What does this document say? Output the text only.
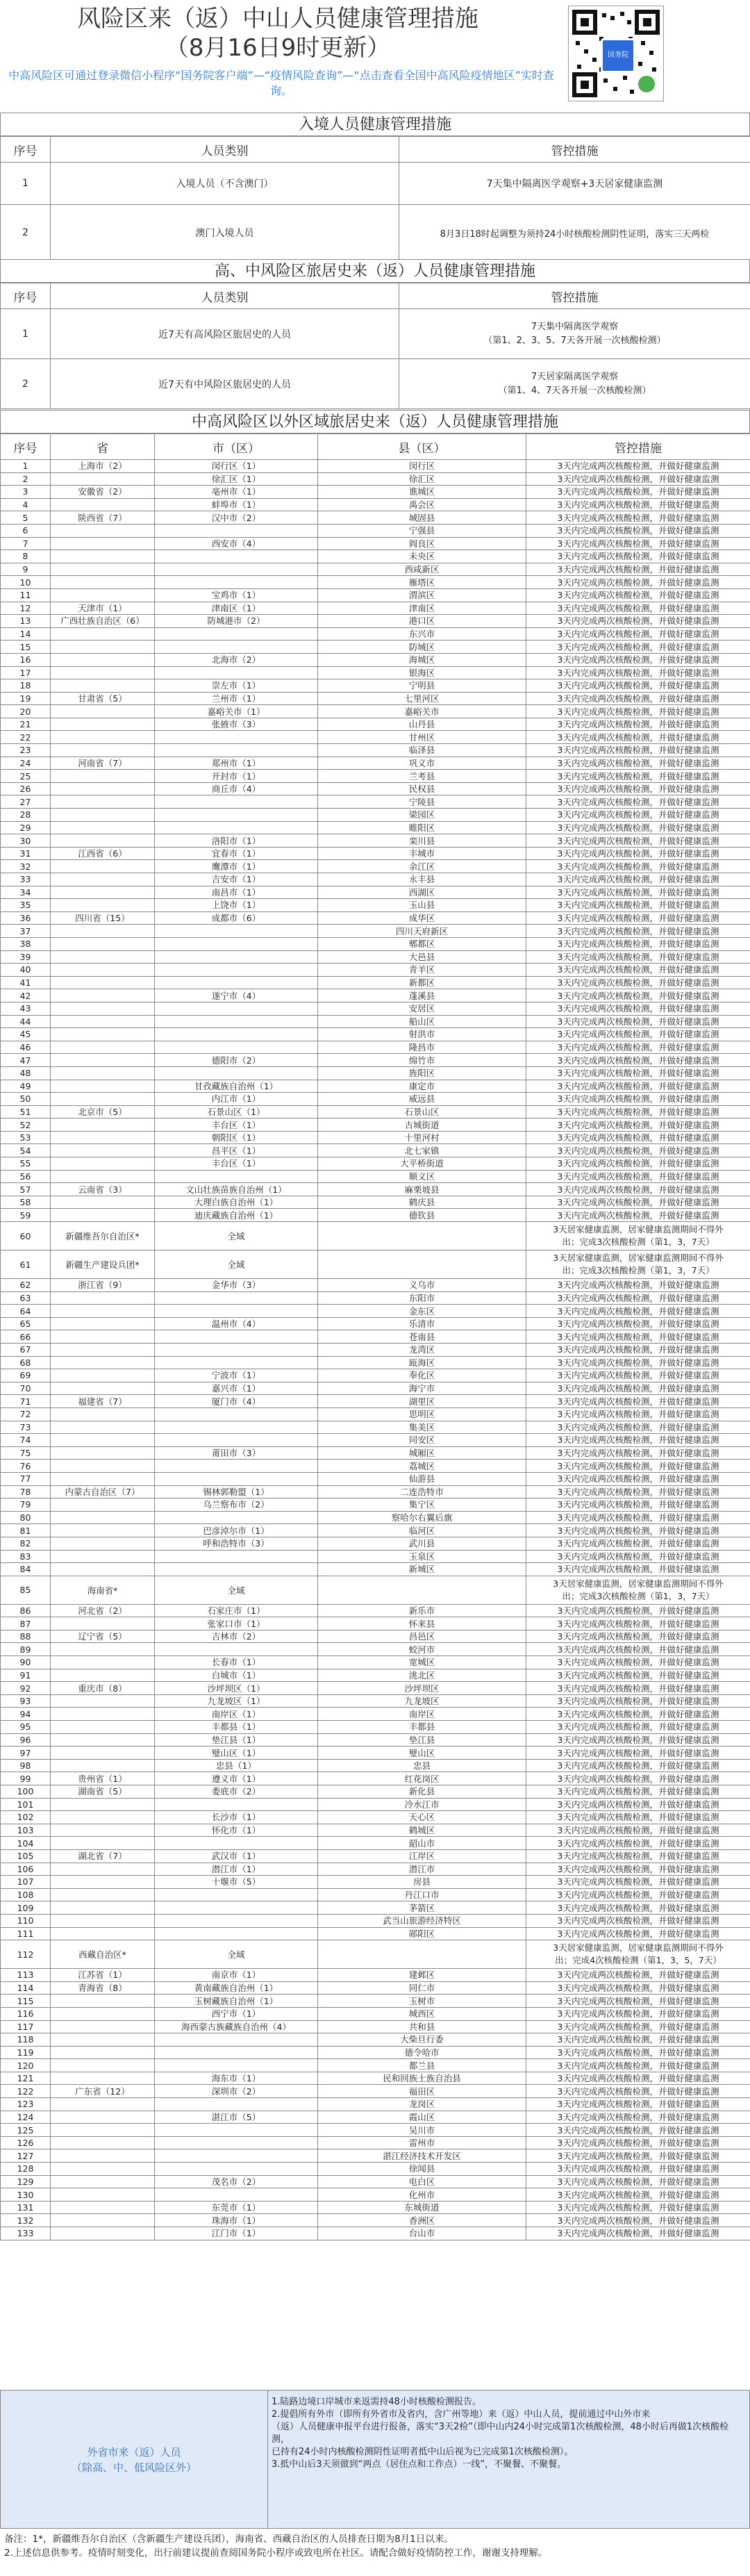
风险区来（返）中山人员健康管理措施
（8月16日9时更新）
中高风险区可通过登录微信小程序“国务院客户端”—“疫情风险查询”—“点击查看全国中高风险疫情地区”实时查询。
国务院
入境人员健康管理措施
序号	人员类别	管控措施
1	入境人员（不含澳门）	7天集中隔离医学观察+3天居家健康监测
2	澳门入境人员	8月3日18时起调整为须持24小时核酸检测阴性证明，落实三天两检
高、中风险区旅居史来（返）人员健康管理措施
序号	人员类别	管控措施
1	近7天有高风险区旅居史的人员	7天集中隔离医学观察
（第1、2、3、5、7天各开展一次核酸检测）

2	近7天有中风险区旅居史的人员	7天居家隔离医学观察
（第1、4、7天各开展一次核酸检测）
中高风险区以外区域旅居史来（返）人员健康管理措施
序号	省	市（区）	县（区）	管控措施
1	上海市（2）	闵行区（1）	闵行区	3天内完成两次核酸检测，并做好健康监测
2		徐汇区（1）	徐汇区	3天内完成两次核酸检测，并做好健康监测
3	安徽省（2）	亳州市（1）	谯城区	3天内完成两次核酸检测，并做好健康监测
4		蚌埠市（1）	禹会区	3天内完成两次核酸检测，并做好健康监测
5	陕西省（7）	汉中市（2）	城固县	3天内完成两次核酸检测，并做好健康监测
6			宁强县	3天内完成两次核酸检测，并做好健康监测
7		西安市（4）	阎良区	3天内完成两次核酸检测，并做好健康监测
8			未央区	3天内完成两次核酸检测，并做好健康监测
9			西咸新区	3天内完成两次核酸检测，并做好健康监测
10			雁塔区	3天内完成两次核酸检测，并做好健康监测
11		宝鸡市（1）	渭滨区	3天内完成两次核酸检测，并做好健康监测
12	天津市（1）	津南区（1）	津南区	3天内完成两次核酸检测，并做好健康监测
13	广西壮族自治区（6）	防城港市（2）	港口区	3天内完成两次核酸检测，并做好健康监测
14			东兴市	3天内完成两次核酸检测，并做好健康监测
15			防城区	3天内完成两次核酸检测，并做好健康监测
16		北海市（2）	海城区	3天内完成两次核酸检测，并做好健康监测
17			银海区	3天内完成两次核酸检测，并做好健康监测
18		崇左市（1）	宁明县	3天内完成两次核酸检测，并做好健康监测
19	甘肃省（5）	兰州市（1）	七里河区	3天内完成两次核酸检测，并做好健康监测
20		嘉峪关市（1）	嘉峪关市	3天内完成两次核酸检测，并做好健康监测
21		张掖市（3）	山丹县	3天内完成两次核酸检测，并做好健康监测
22			甘州区	3天内完成两次核酸检测，并做好健康监测
23			临泽县	3天内完成两次核酸检测，并做好健康监测
24	河南省（7）	郑州市（1）	巩义市	3天内完成两次核酸检测，并做好健康监测
25		开封市（1）	兰考县	3天内完成两次核酸检测，并做好健康监测
26		商丘市（4）	民权县	3天内完成两次核酸检测，并做好健康监测
27			宁陵县	3天内完成两次核酸检测，并做好健康监测
28			梁园区	3天内完成两次核酸检测，并做好健康监测
29			睢阳区	3天内完成两次核酸检测，并做好健康监测
30		洛阳市（1）	栾川县	3天内完成两次核酸检测，并做好健康监测
31	江西省（6）	宜春市（1）	丰城市	3天内完成两次核酸检测，并做好健康监测
32		鹰潭市（1）	余江区	3天内完成两次核酸检测，并做好健康监测
33		吉安市（1）	永丰县	3天内完成两次核酸检测，并做好健康监测
34		南昌市（1）	西湖区	3天内完成两次核酸检测，并做好健康监测
35		上饶市（1）	玉山县	3天内完成两次核酸检测，并做好健康监测
36	四川省（15）	成都市（6）	成华区	3天内完成两次核酸检测，并做好健康监测
37			四川天府新区	3天内完成两次核酸检测，并做好健康监测
38			郫都区	3天内完成两次核酸检测，并做好健康监测
39			大邑县	3天内完成两次核酸检测，并做好健康监测
40			青羊区	3天内完成两次核酸检测，并做好健康监测
41			新都区	3天内完成两次核酸检测，并做好健康监测
42		遂宁市（4）	蓬溪县	3天内完成两次核酸检测，并做好健康监测
43			安居区	3天内完成两次核酸检测，并做好健康监测
44			船山区	3天内完成两次核酸检测，并做好健康监测
45			射洪市	3天内完成两次核酸检测，并做好健康监测
46			隆昌市	3天内完成两次核酸检测，并做好健康监测
47		德阳市（2）	绵竹市	3天内完成两次核酸检测，并做好健康监测
48			旌阳区	3天内完成两次核酸检测，并做好健康监测
49		甘孜藏族自治州（1）	康定市	3天内完成两次核酸检测，并做好健康监测
50		内江市（1）	威远县	3天内完成两次核酸检测，并做好健康监测
51	北京市（5）	石景山区（1）	石景山区	3天内完成两次核酸检测，并做好健康监测
52		丰台区（1）	古城街道	3天内完成两次核酸检测，并做好健康监测
53		朝阳区（1）	十里河村	3天内完成两次核酸检测，并做好健康监测
54		昌平区（1）	北七家镇	3天内完成两次核酸检测，并做好健康监测
55		丰台区（1）	大平桥街道	3天内完成两次核酸检测，并做好健康监测
56			顺义区	3天内完成两次核酸检测，并做好健康监测
57	云南省（3）	文山壮族苗族自治州（1）	麻栗坡县	3天内完成两次核酸检测，并做好健康监测
58		大理白族自治州（1）	鹤庆县	3天内完成两次核酸检测，并做好健康监测
59		迪庆藏族自治州（1）	德钦县	3天内完成两次核酸检测，并做好健康监测
60	新疆维吾尔自治区*	全域		3天居家健康监测，居家健康监测期间不得外
出；完成3次核酸检测（第1，3，7天）

61	新疆生产建设兵团*	全域		3天居家健康监测，居家健康监测期间不得外
出；完成3次核酸检测（第1，3，7天）

62	浙江省（9）	金华市（3）	义乌市	3天内完成两次核酸检测，并做好健康监测
63			东阳市	3天内完成两次核酸检测，并做好健康监测
64			金东区	3天内完成两次核酸检测，并做好健康监测
65		温州市（4）	乐清市	3天内完成两次核酸检测，并做好健康监测
66			苍南县	3天内完成两次核酸检测，并做好健康监测
67			龙湾区	3天内完成两次核酸检测，并做好健康监测
68			瓯海区	3天内完成两次核酸检测，并做好健康监测
69		宁波市（1）	奉化区	3天内完成两次核酸检测，并做好健康监测
70		嘉兴市（1）	海宁市	3天内完成两次核酸检测，并做好健康监测
71	福建省（7）	厦门市（4）	湖里区	3天内完成两次核酸检测，并做好健康监测
72			思明区	3天内完成两次核酸检测，并做好健康监测
73			集美区	3天内完成两次核酸检测，并做好健康监测
74			同安区	3天内完成两次核酸检测，并做好健康监测
75		莆田市（3）	城厢区	3天内完成两次核酸检测，并做好健康监测
76			荔城区	3天内完成两次核酸检测，并做好健康监测
77			仙游县	3天内完成两次核酸检测，并做好健康监测
78	内蒙古自治区（7）	锡林郭勒盟（1）	二连浩特市	3天内完成两次核酸检测，并做好健康监测
79		乌兰察布市（2）	集宁区	3天内完成两次核酸检测，并做好健康监测
80			察哈尔右翼后旗	3天内完成两次核酸检测，并做好健康监测
81		巴彦淖尔市（1）	临河区	3天内完成两次核酸检测，并做好健康监测
82		呼和浩特市（3）	武川县	3天内完成两次核酸检测，并做好健康监测
83			玉泉区	3天内完成两次核酸检测，并做好健康监测
84			新城区	3天内完成两次核酸检测，并做好健康监测
85	海南省*	全域		3天居家健康监测，居家健康监测期间不得外
出；完成3次核酸检测（第1，3，7天）

86	河北省（2）	石家庄市（1）	新乐市	3天内完成两次核酸检测，并做好健康监测
87		张家口市（1）	怀来县	3天内完成两次核酸检测，并做好健康监测
88	辽宁省（5）	吉林市（2）	昌邑区	3天内完成两次核酸检测，并做好健康监测
89			蛟河市	3天内完成两次核酸检测，并做好健康监测
90		长春市（1）	宽城区	3天内完成两次核酸检测，并做好健康监测
91		白城市（1）	洮北区	3天内完成两次核酸检测，并做好健康监测
92	重庆市（8）	沙坪坝区（1）	沙坪坝区	3天内完成两次核酸检测，并做好健康监测
93		九龙坡区（1）	九龙坡区	3天内完成两次核酸检测，并做好健康监测
94		南岸区（1）	南岸区	3天内完成两次核酸检测，并做好健康监测
95		丰都县（1）	丰都县	3天内完成两次核酸检测，并做好健康监测
96		垫江县（1）	垫江县	3天内完成两次核酸检测，并做好健康监测
97		璧山区（1）	璧山区	3天内完成两次核酸检测，并做好健康监测
98		忠县（1）	忠县	3天内完成两次核酸检测，并做好健康监测
99	贵州省（1）	遵义市（1）	红花岗区	3天内完成两次核酸检测，并做好健康监测
100	湖南省（5）	娄底市（2）	新化县	3天内完成两次核酸检测，并做好健康监测
101			冷水江市	3天内完成两次核酸检测，并做好健康监测
102		长沙市（1）	天心区	3天内完成两次核酸检测，并做好健康监测
103		怀化市（1）	鹤城区	3天内完成两次核酸检测，并做好健康监测
104			韶山市	3天内完成两次核酸检测，并做好健康监测
105	湖北省（7）	武汉市（1）	江岸区	3天内完成两次核酸检测，并做好健康监测
106		潜江市（1）	潜江市	3天内完成两次核酸检测，并做好健康监测
107		十堰市（5）	房县	3天内完成两次核酸检测，并做好健康监测
108			丹江口市	3天内完成两次核酸检测，并做好健康监测
109			茅箭区	3天内完成两次核酸检测，并做好健康监测
110			武当山旅游经济特区	3天内完成两次核酸检测，并做好健康监测
111			郧阳区	3天内完成两次核酸检测，并做好健康监测
112	西藏自治区*	全域		3天居家健康监测，居家健康监测期间不得外
出；完成4次核酸检测（第1，3，5，7天）

113	江苏省（1）	南京市（1）	建邺区	3天内完成两次核酸检测，并做好健康监测
114	青海省（8）	黄南藏族自治州（1）	同仁市	3天内完成两次核酸检测，并做好健康监测
115		玉树藏族自治州（1）	玉树市	3天内完成两次核酸检测，并做好健康监测
116		西宁市（1）	城西区	3天内完成两次核酸检测，并做好健康监测
117		海西蒙古族藏族自治州（4）	共和县	3天内完成两次核酸检测，并做好健康监测
118			大柴旦行委	3天内完成两次核酸检测，并做好健康监测
119			德令哈市	3天内完成两次核酸检测，并做好健康监测
120			都兰县	3天内完成两次核酸检测，并做好健康监测
121		海东市（1）	民和回族土族自治县	3天内完成两次核酸检测，并做好健康监测
122	广东省（12）	深圳市（2）	福田区	3天内完成两次核酸检测，并做好健康监测
123			龙岗区	3天内完成两次核酸检测，并做好健康监测
124		湛江市（5）	霞山区	3天内完成两次核酸检测，并做好健康监测
125			吴川市	3天内完成两次核酸检测，并做好健康监测
126			雷州市	3天内完成两次核酸检测，并做好健康监测
127			湛江经济技术开发区	3天内完成两次核酸检测，并做好健康监测
128			徐闻县	3天内完成两次核酸检测，并做好健康监测
129		茂名市（2）	电白区	3天内完成两次核酸检测，并做好健康监测
130			化州市	3天内完成两次核酸检测，并做好健康监测
131		东莞市（1）	东城街道	3天内完成两次核酸检测，并做好健康监测
132		珠海市（1）	香洲区	3天内完成两次核酸检测，并做好健康监测
133		江门市（1）	台山市	3天内完成两次核酸检测，并做好健康监测
外省市来（返）人员
（除高、中、低风险区外）
1.陆路边境口岸城市来返需持48小时核酸检测报告。
2.提倡所有外市（即所有外省市及省内，含广州等地）来（返）中山人员，提前通过中山外市来
（返）人员健康申报平台进行报备，落实“3天2检”（即中山内24小时完成第1次核酸检测，48小时后再做1次核酸检测，
已持有24小时内核酸检测阴性证明者抵中山后视为已完成第1次核酸检测）。
3.抵中山后3天须做到“两点（居住点和工作点）一线”，不聚餐、不聚餐。
备注：1*，新疆维吾尔自治区（含新疆生产建设兵团），海南省、西藏自治区的人员排查日期为8月1日以来。
2.上述信息供参考。疫情时刻变化，出行前建议提前查阅国务院小程序或致电所在社区。请配合做好疫情防控工作，谢谢支持理解。
